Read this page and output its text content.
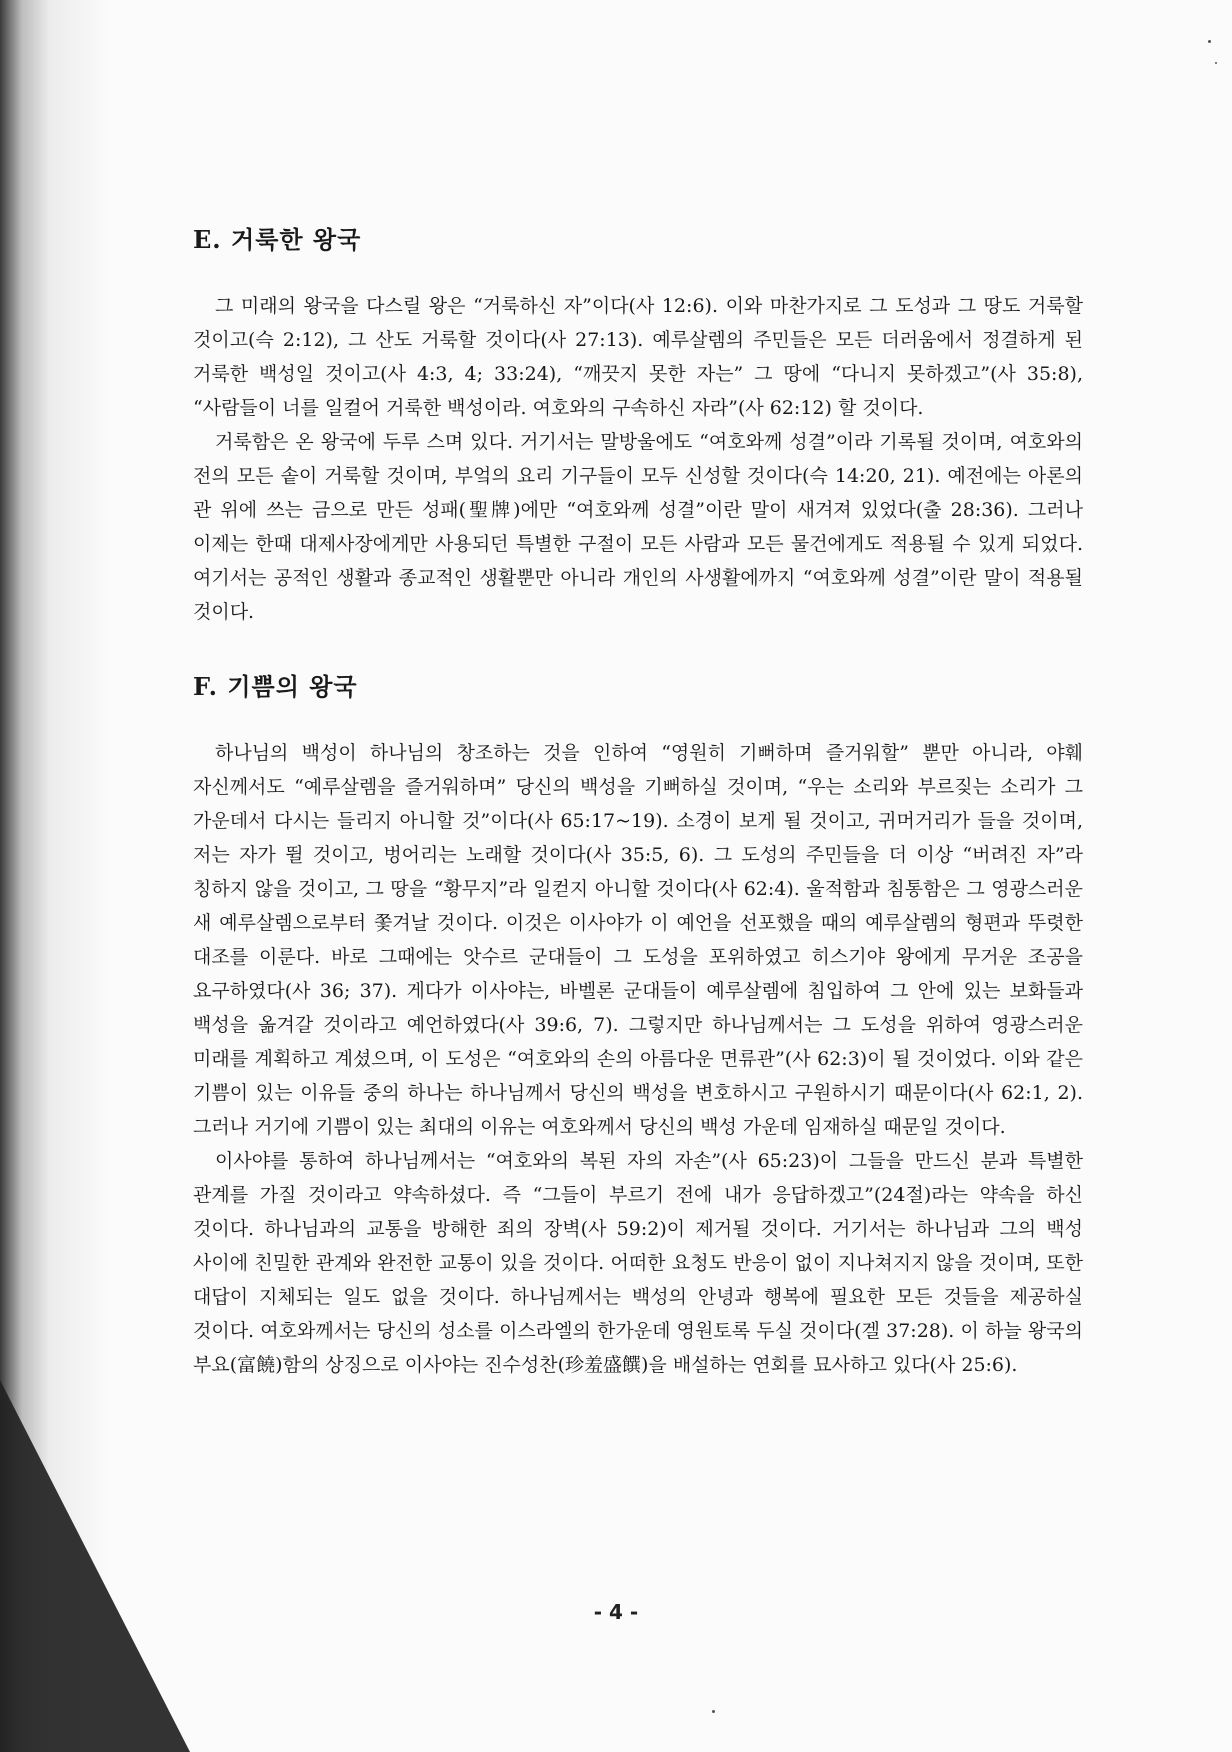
E. 거룩한 왕국

그 미래의 왕국을 다스릴 왕은 “거룩하신 자”이다(사 12:6). 이와 마찬가지로 그 도성과 그 땅도 거룩할 것이고(슥 2:12), 그 산도 거룩할 것이다(사 27:13). 예루살렘의 주민들은 모든 더러움에서 정결하게 된 거룩한 백성일 것이고(사 4:3, 4; 33:24), “깨끗지 못한 자는” 그 땅에 “다니지 못하겠고”(사 35:8), “사람들이 너를 일컬어 거룩한 백성이라. 여호와의 구속하신 자라”(사 62:12) 할 것이다.

거룩함은 온 왕국에 두루 스며 있다. 거기서는 말방울에도 “여호와께 성결”이라 기록될 것이며, 여호와의 전의 모든 솥이 거룩할 것이며, 부엌의 요리 기구들이 모두 신성할 것이다(슥 14:20, 21). 예전에는 아론의 관 위에 쓰는 금으로 만든 성패(聖牌)에만 “여호와께 성결”이란 말이 새겨져 있었다(출 28:36). 그러나 이제는 한때 대제사장에게만 사용되던 특별한 구절이 모든 사람과 모든 물건에게도 적용될 수 있게 되었다. 여기서는 공적인 생활과 종교적인 생활뿐만 아니라 개인의 사생활에까지 “여호와께 성결”이란 말이 적용될 것이다.

F. 기쁨의 왕국

하나님의 백성이 하나님의 창조하는 것을 인하여 “영원히 기뻐하며 즐거워할” 뿐만 아니라, 야훼 자신께서도 “예루살렘을 즐거워하며” 당신의 백성을 기뻐하실 것이며, “우는 소리와 부르짖는 소리가 그 가운데서 다시는 들리지 아니할 것”이다(사 65:17~19). 소경이 보게 될 것이고, 귀머거리가 들을 것이며, 저는 자가 뛸 것이고, 벙어리는 노래할 것이다(사 35:5, 6). 그 도성의 주민들을 더 이상 “버려진 자”라 칭하지 않을 것이고, 그 땅을 “황무지”라 일컫지 아니할 것이다(사 62:4). 울적함과 침통함은 그 영광스러운 새 예루살렘으로부터 쫓겨날 것이다. 이것은 이사야가 이 예언을 선포했을 때의 예루살렘의 형편과 뚜렷한 대조를 이룬다. 바로 그때에는 앗수르 군대들이 그 도성을 포위하였고 히스기야 왕에게 무거운 조공을 요구하였다(사 36; 37). 게다가 이사야는, 바벨론 군대들이 예루살렘에 침입하여 그 안에 있는 보화들과 백성을 옮겨갈 것이라고 예언하였다(사 39:6, 7). 그렇지만 하나님께서는 그 도성을 위하여 영광스러운 미래를 계획하고 계셨으며, 이 도성은 “여호와의 손의 아름다운 면류관”(사 62:3)이 될 것이었다. 이와 같은 기쁨이 있는 이유들 중의 하나는 하나님께서 당신의 백성을 변호하시고 구원하시기 때문이다(사 62:1, 2). 그러나 거기에 기쁨이 있는 최대의 이유는 여호와께서 당신의 백성 가운데 임재하실 때문일 것이다.

이사야를 통하여 하나님께서는 “여호와의 복된 자의 자손”(사 65:23)이 그들을 만드신 분과 특별한 관계를 가질 것이라고 약속하셨다. 즉 “그들이 부르기 전에 내가 응답하겠고”(24절)라는 약속을 하신 것이다. 하나님과의 교통을 방해한 죄의 장벽(사 59:2)이 제거될 것이다. 거기서는 하나님과 그의 백성 사이에 친밀한 관계와 완전한 교통이 있을 것이다. 어떠한 요청도 반응이 없이 지나쳐지지 않을 것이며, 또한 대답이 지체되는 일도 없을 것이다. 하나님께서는 백성의 안녕과 행복에 필요한 모든 것들을 제공하실 것이다. 여호와께서는 당신의 성소를 이스라엘의 한가운데 영원토록 두실 것이다(겔 37:28). 이 하늘 왕국의 부요(富饒)함의 상징으로 이사야는 진수성찬(珍羞盛饌)을 배설하는 연회를 묘사하고 있다(사 25:6).

- 4 -
